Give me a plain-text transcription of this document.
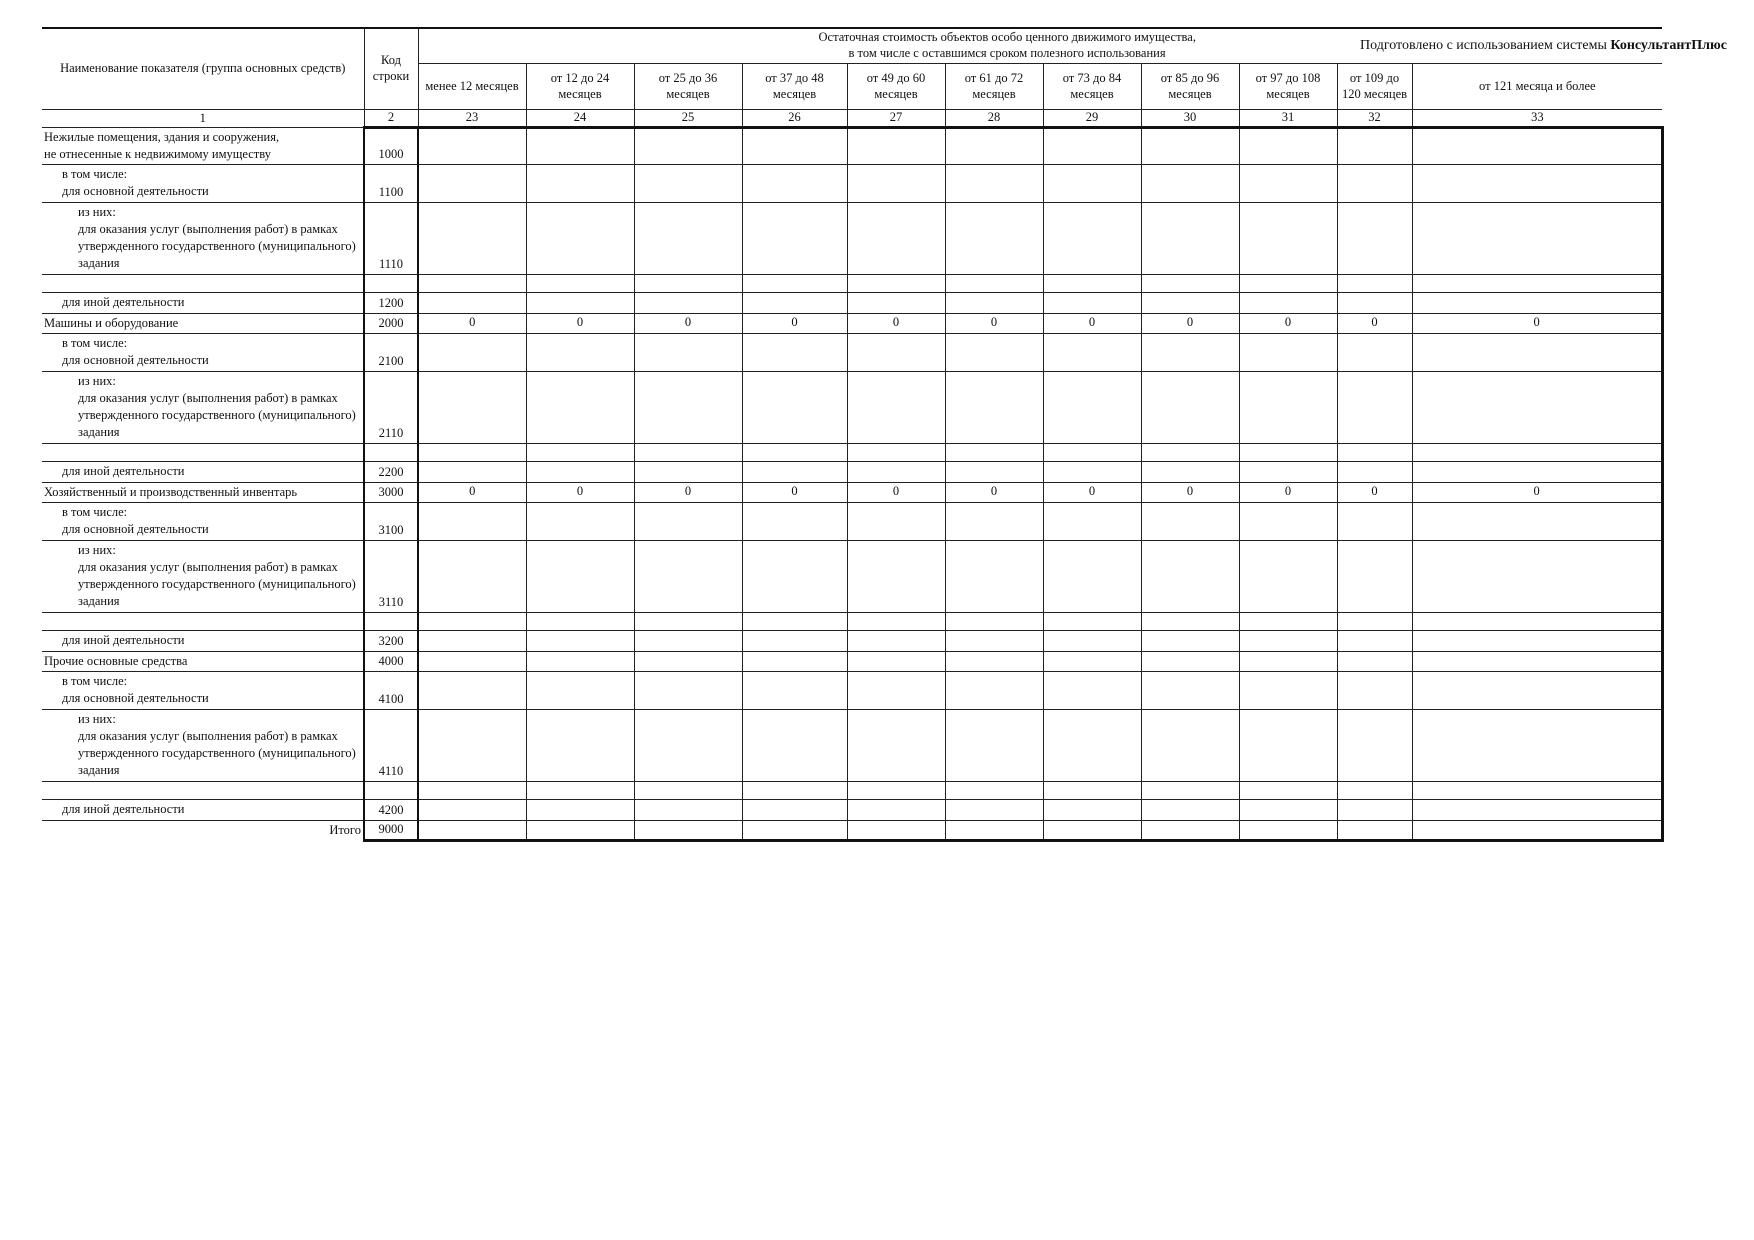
Подготовлено с использованием системы КонсультантПлюс
Наименование показателя (группа основных средств)	Код строки	Остаточная стоимость объектов особо ценного движимого имущества,
в том числе с оставшимся сроком полезного использования										
		менее 12 месяцев	от 12 до 24 месяцев	от 25 до 36 месяцев	от 37 до 48 месяцев	от 49 до 60 месяцев	от 61 до 72 месяцев	от 73 до 84 месяцев	от 85 до 96 месяцев	от 97 до 108 месяцев	от 109 до 120 месяцев	от 121 месяца и более
1	2	23	24	25	26	27	28	29	30	31	32	33
Нежилые помещения, здания и сооружения,
не отнесенные к недвижимому имуществу	1000											

в том числе:
для основной деятельности	1100											

из них:
для оказания услуг (выполнения работ) в рамках утвержденного государственного (муниципального) задания	1110											

для иной деятельности	1200											
Машины и оборудование	2000	0	0	0	0	0	0	0	0	0	0	0

в том числе:
для основной деятельности	2100											

из них:
для оказания услуг (выполнения работ) в рамках утвержденного государственного (муниципального) задания	2110											

для иной деятельности	2200											
Хозяйственный и производственный инвентарь	3000	0	0	0	0	0	0	0	0	0	0	0

в том числе:
для основной деятельности	3100											

из них:
для оказания услуг (выполнения работ) в рамках утвержденного государственного (муниципального) задания	3110											

для иной деятельности	3200											
Прочие основные средства	4000											

в том числе:
для основной деятельности	4100											

из них:
для оказания услуг (выполнения работ) в рамках утвержденного государственного (муниципального) задания	4110											

для иной деятельности	4200											
Итого	9000											
